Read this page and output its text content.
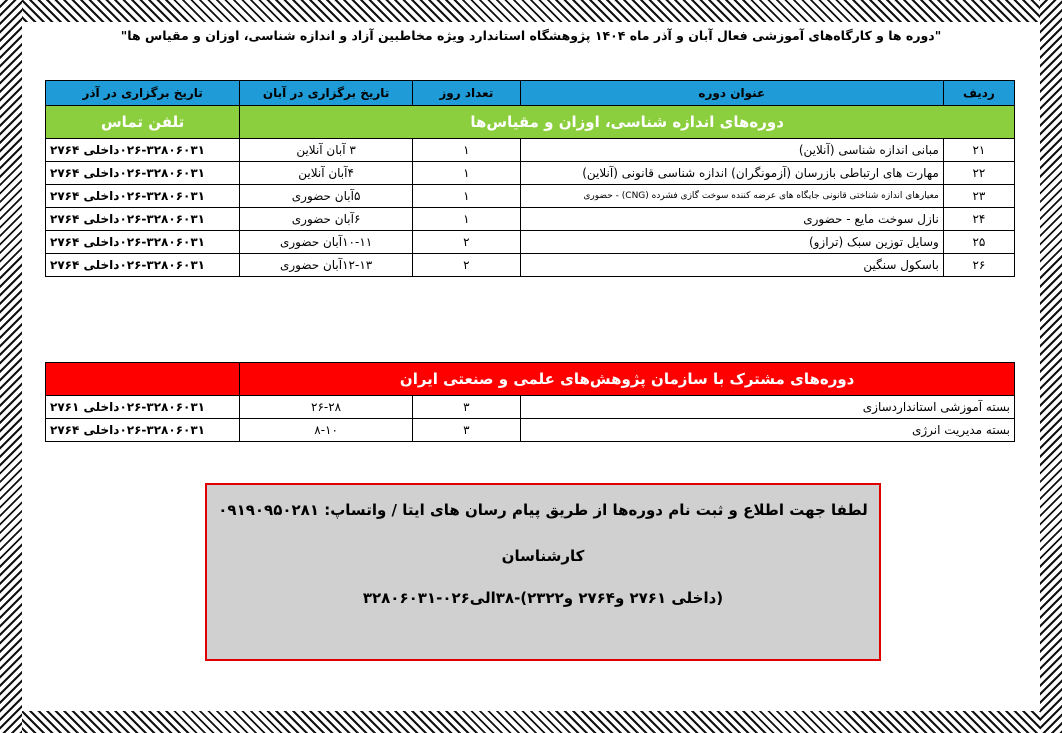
"دوره ها و کارگاه‌های آموزشی فعال آبان و آذر ماه ۱۴۰۴ پژوهشگاه استاندارد ویژه مخاطبین آزاد و اندازه شناسی، اوزان و مقیاس ها"
ردیف	عنوان دوره	تعداد روز	تاریخ برگزاری در آبان	تاریخ برگزاری در آذر
دوره‌های اندازه شناسی، اوزان و مقیاس‌ها				تلفن تماس
۲۱	مبانی اندازه شناسی (آنلاین)	۱	۳ آبان آنلاین	۰۲۶-۳۲۸۰۶۰۳۱داخلی ۲۷۶۴
۲۲	مهارت های ارتباطی بازرسان (آزمونگران) اندازه شناسی قانونی (آنلاین)	۱	۴آبان آنلاین	۰۲۶-۳۲۸۰۶۰۳۱داخلی ۲۷۶۴
۲۳	معیارهای اندازه شناختی قانونی جایگاه های عرضه کننده سوخت گازی فشرده (CNG) - حضوری	۱	۵آبان حضوری	۰۲۶-۳۲۸۰۶۰۳۱داخلی ۲۷۶۴
۲۴	نازل سوخت مایع - حضوری	۱	۶آبان حضوری	۰۲۶-۳۲۸۰۶۰۳۱داخلی ۲۷۶۴
۲۵	وسایل توزین سبک (ترازو)	۲	۱۰-۱۱آبان حضوری	۰۲۶-۳۲۸۰۶۰۳۱داخلی ۲۷۶۴
۲۶	باسکول سنگین	۲	۱۲-۱۳آبان حضوری	۰۲۶-۳۲۸۰۶۰۳۱داخلی ۲۷۶۴
دوره‌های مشترک با سازمان پژوهش‌های علمی و صنعتی ایران			
بسته آموزشی استانداردسازی	۳	۲۶-۲۸	۰۲۶-۳۲۸۰۶۰۳۱داخلی ۲۷۶۱
بسته مدیریت انرژی	۳	۸-۱۰	۰۲۶-۳۲۸۰۶۰۳۱داخلی ۲۷۶۴

لطفا جهت اطلاع و ثبت نام دوره‌ها از طریق پیام رسان های ایتا / واتساپ: ۰۹۱۹۰۹۵۰۲۸۱

کارشناسان

(داخلی ۲۷۶۱ و۲۷۶۴ و۲۳۲۲)-۳۸الی۰۲۶-۳۲۸۰۶۰۳۱
